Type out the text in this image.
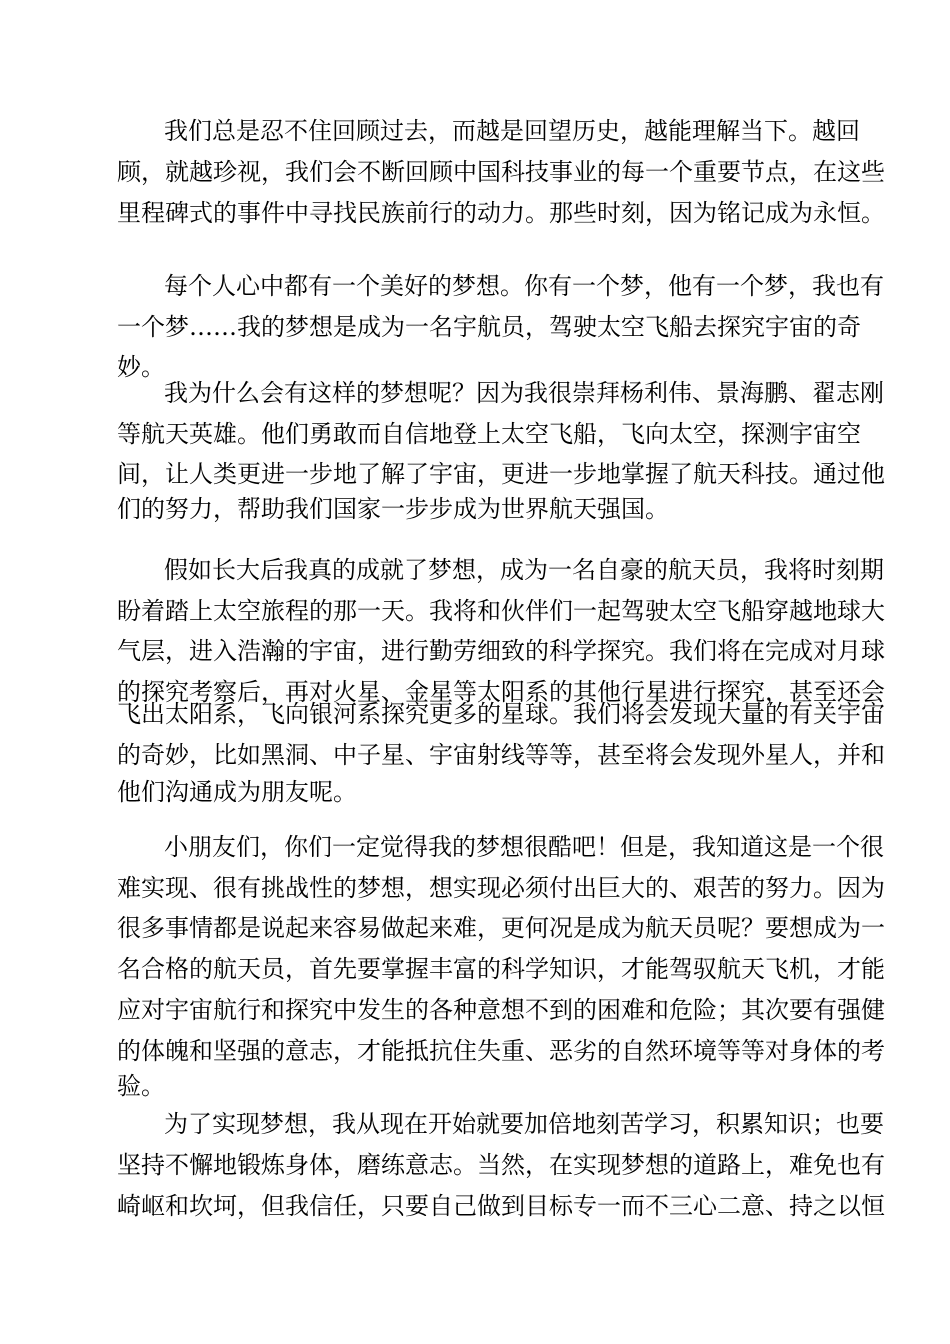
我们总是忍不住回顾过去，而越是回望历史，越能理解当下。越回
顾，就越珍视，我们会不断回顾中国科技事业的每一个重要节点，在这些
里程碑式的事件中寻找民族前行的动力。那些时刻，因为铭记成为永恒。
每个人心中都有一个美好的梦想。你有一个梦，他有一个梦，我也有
一个梦……我的梦想是成为一名宇航员，驾驶太空飞船去探究宇宙的奇
妙。
我为什么会有这样的梦想呢？因为我很崇拜杨利伟、景海鹏、翟志刚
等航天英雄。他们勇敢而自信地登上太空飞船，飞向太空，探测宇宙空
间，让人类更进一步地了解了宇宙，更进一步地掌握了航天科技。通过他
们的努力，帮助我们国家一步步成为世界航天强国。
假如长大后我真的成就了梦想，成为一名自豪的航天员，我将时刻期
盼着踏上太空旅程的那一天。我将和伙伴们一起驾驶太空飞船穿越地球大
气层，进入浩瀚的宇宙，进行勤劳细致的科学探究。我们将在完成对月球
的探究考察后，再对火星、金星等太阳系的其他行星进行探究，甚至还会
飞出太阳系，飞向银河系探究更多的星球。我们将会发现大量的有关宇宙
的奇妙，比如黑洞、中子星、宇宙射线等等，甚至将会发现外星人，并和
他们沟通成为朋友呢。
小朋友们，你们一定觉得我的梦想很酷吧！但是，我知道这是一个很
难实现、很有挑战性的梦想，想实现必须付出巨大的、艰苦的努力。因为
很多事情都是说起来容易做起来难，更何况是成为航天员呢？要想成为一
名合格的航天员，首先要掌握丰富的科学知识，才能驾驭航天飞机，才能
应对宇宙航行和探究中发生的各种意想不到的困难和危险；其次要有强健
的体魄和坚强的意志，才能抵抗住失重、恶劣的自然环境等等对身体的考
验。
为了实现梦想，我从现在开始就要加倍地刻苦学习，积累知识；也要
坚持不懈地锻炼身体，磨练意志。当然，在实现梦想的道路上，难免也有
崎岖和坎坷，但我信任，只要自己做到目标专一而不三心二意、持之以恒
